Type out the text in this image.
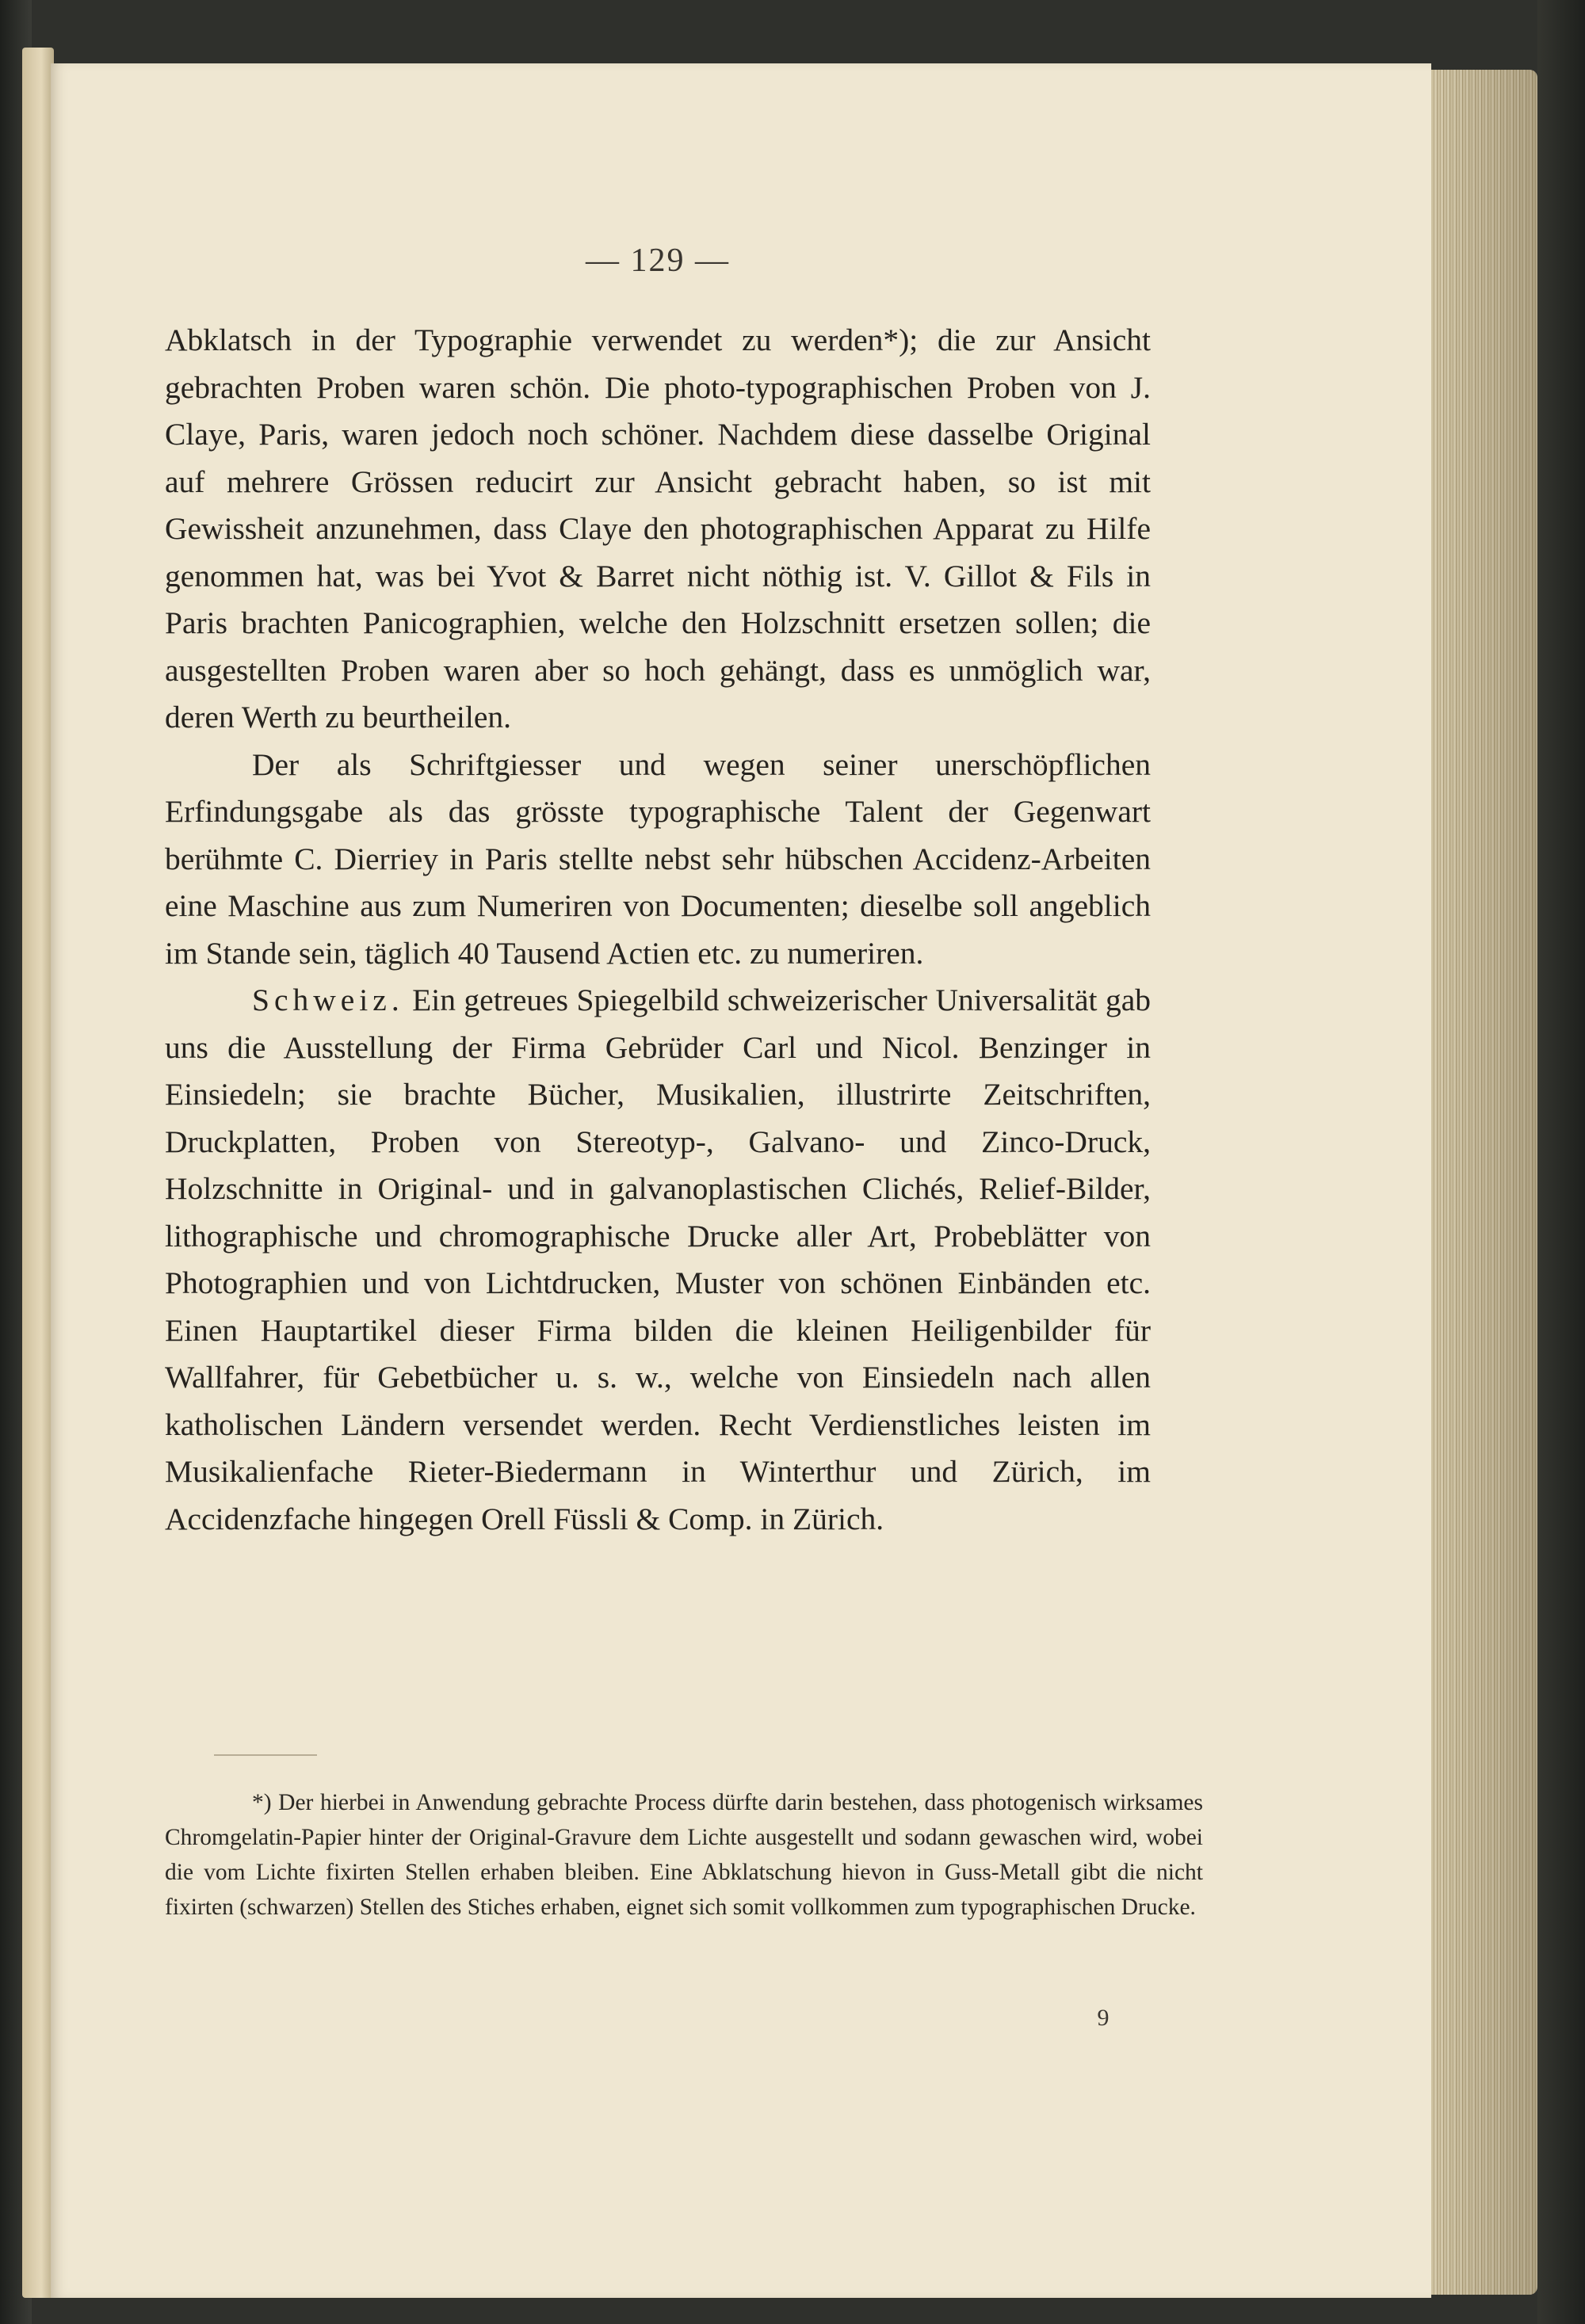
— 129 —

Abklatsch in der Typographie verwendet zu werden*); die zur Ansicht gebrachten Proben waren schön. Die photo-typographischen Proben von J. Claye, Paris, waren jedoch noch schöner. Nachdem diese dasselbe Original auf mehrere Grössen reducirt zur Ansicht gebracht haben, so ist mit Gewissheit anzunehmen, dass Claye den photographischen Apparat zu Hilfe genommen hat, was bei Yvot & Barret nicht nöthig ist. V. Gillot & Fils in Paris brachten Panicographien, welche den Holzschnitt ersetzen sollen; die ausgestellten Proben waren aber so hoch gehängt, dass es unmöglich war, deren Werth zu beurtheilen.

Der als Schriftgiesser und wegen seiner unerschöpflichen Erfindungsgabe als das grösste typographische Talent der Gegenwart berühmte C. Dierriey in Paris stellte nebst sehr hübschen Accidenz-Arbeiten eine Maschine aus zum Numeriren von Documenten; dieselbe soll angeblich im Stande sein, täglich 40 Tausend Actien etc. zu numeriren.

Schweiz. Ein getreues Spiegelbild schweizerischer Universalität gab uns die Ausstellung der Firma Gebrüder Carl und Nicol. Benzinger in Einsiedeln; sie brachte Bücher, Musikalien, illustrirte Zeitschriften, Druckplatten, Proben von Stereotyp-, Galvano- und Zinco-Druck, Holzschnitte in Original- und in galvanoplastischen Clichés, Relief-Bilder, lithographische und chromographische Drucke aller Art, Probeblätter von Photographien und von Lichtdrucken, Muster von schönen Einbänden etc. Einen Hauptartikel dieser Firma bilden die kleinen Heiligenbilder für Wallfahrer, für Gebetbücher u. s. w., welche von Einsiedeln nach allen katholischen Ländern versendet werden. Recht Verdienstliches leisten im Musikalienfache Rieter-Biedermann in Winterthur und Zürich, im Accidenzfache hingegen Orell Füssli & Comp. in Zürich.

*) Der hierbei in Anwendung gebrachte Process dürfte darin bestehen, dass photogenisch wirksames Chromgelatin-Papier hinter der Original-Gravure dem Lichte ausgestellt und sodann gewaschen wird, wobei die vom Lichte fixirten Stellen erhaben bleiben. Eine Abklatschung hievon in Guss-Metall gibt die nicht fixirten (schwarzen) Stellen des Stiches erhaben, eignet sich somit vollkommen zum typographischen Drucke.

9
